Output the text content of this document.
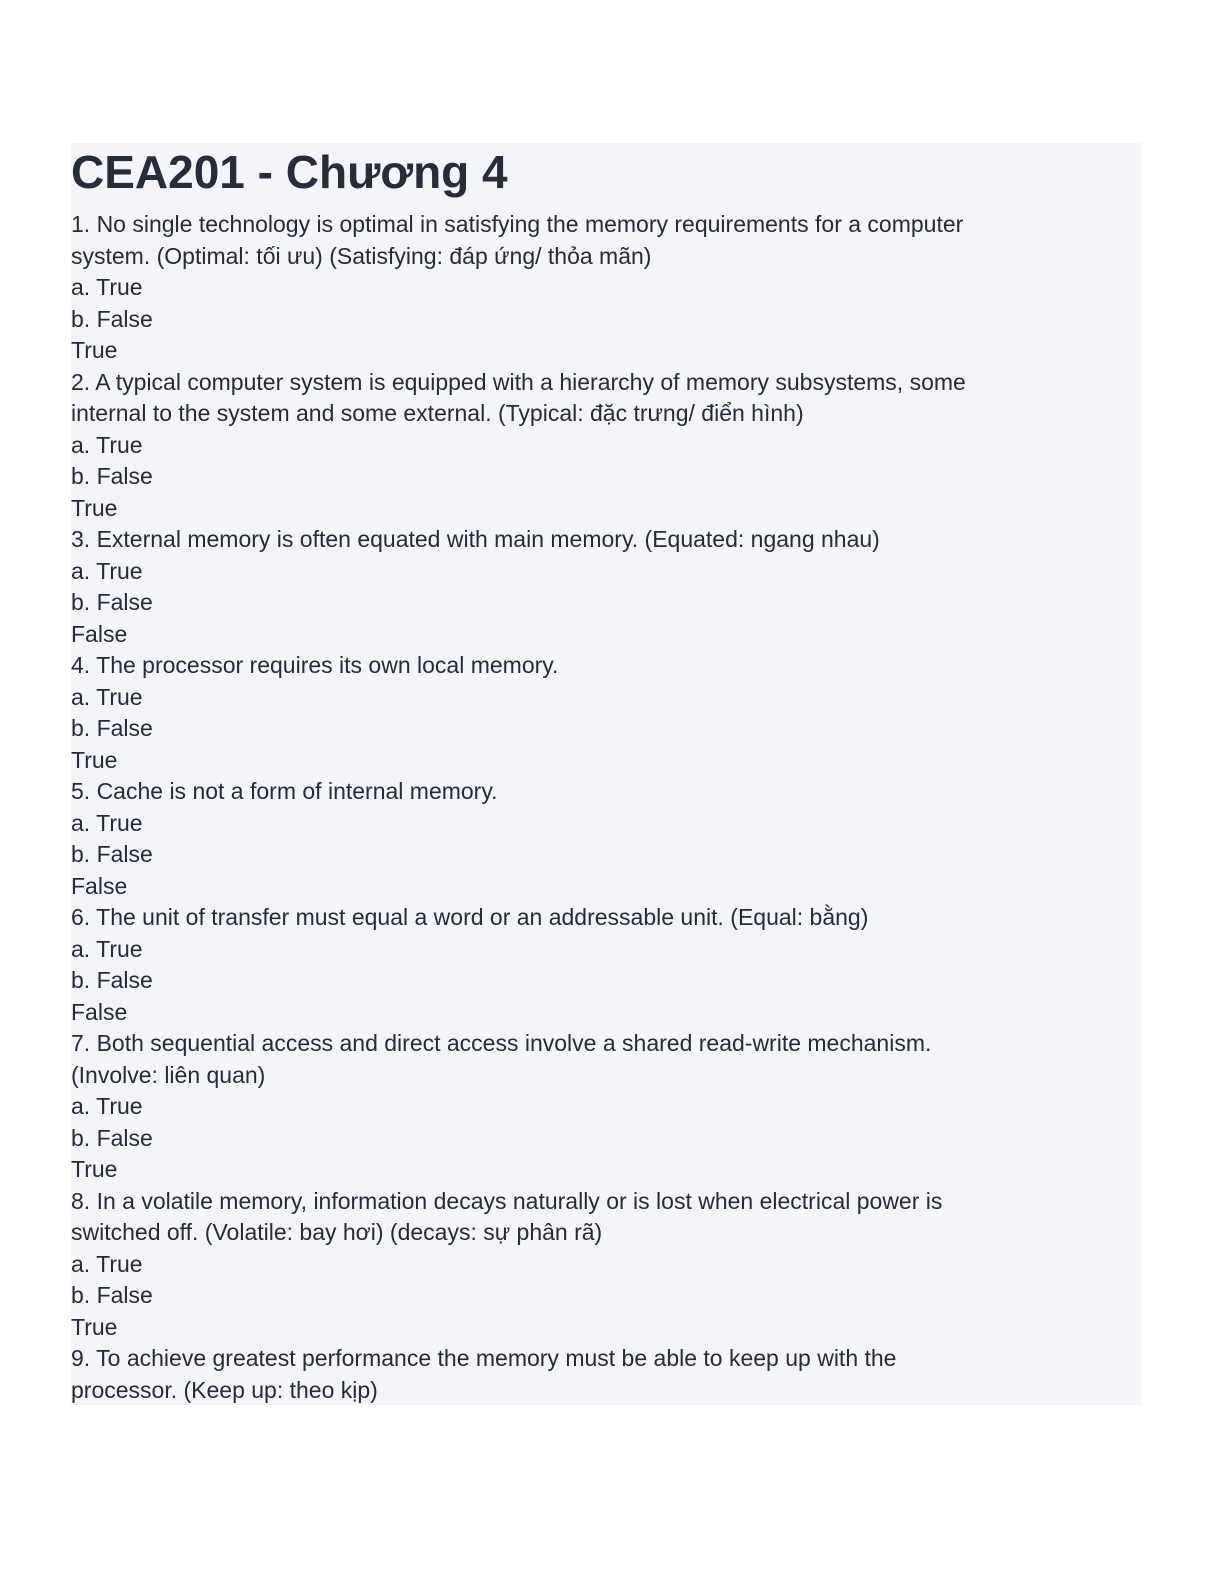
CEA201 - Chương 4
1. No single technology is optimal in satisfying the memory requirements for a computer
system. (Optimal: tối ưu) (Satisfying: đáp ứng/ thỏa mãn)
a. True
b. False
True
2. A typical computer system is equipped with a hierarchy of memory subsystems, some
internal to the system and some external. (Typical: đặc trưng/ điển hình)
a. True
b. False
True
3. External memory is often equated with main memory. (Equated: ngang nhau)
a. True
b. False
False
4. The processor requires its own local memory.
a. True
b. False
True
5. Cache is not a form of internal memory.
a. True
b. False
False
6. The unit of transfer must equal a word or an addressable unit. (Equal: bằng)
a. True
b. False
False
7. Both sequential access and direct access involve a shared read-write mechanism.
(Involve: liên quan)
a. True
b. False
True
8. In a volatile memory, information decays naturally or is lost when electrical power is
switched off. (Volatile: bay hơi) (decays: sự phân rã)
a. True
b. False
True
9. To achieve greatest performance the memory must be able to keep up with the
processor. (Keep up: theo kịp)
